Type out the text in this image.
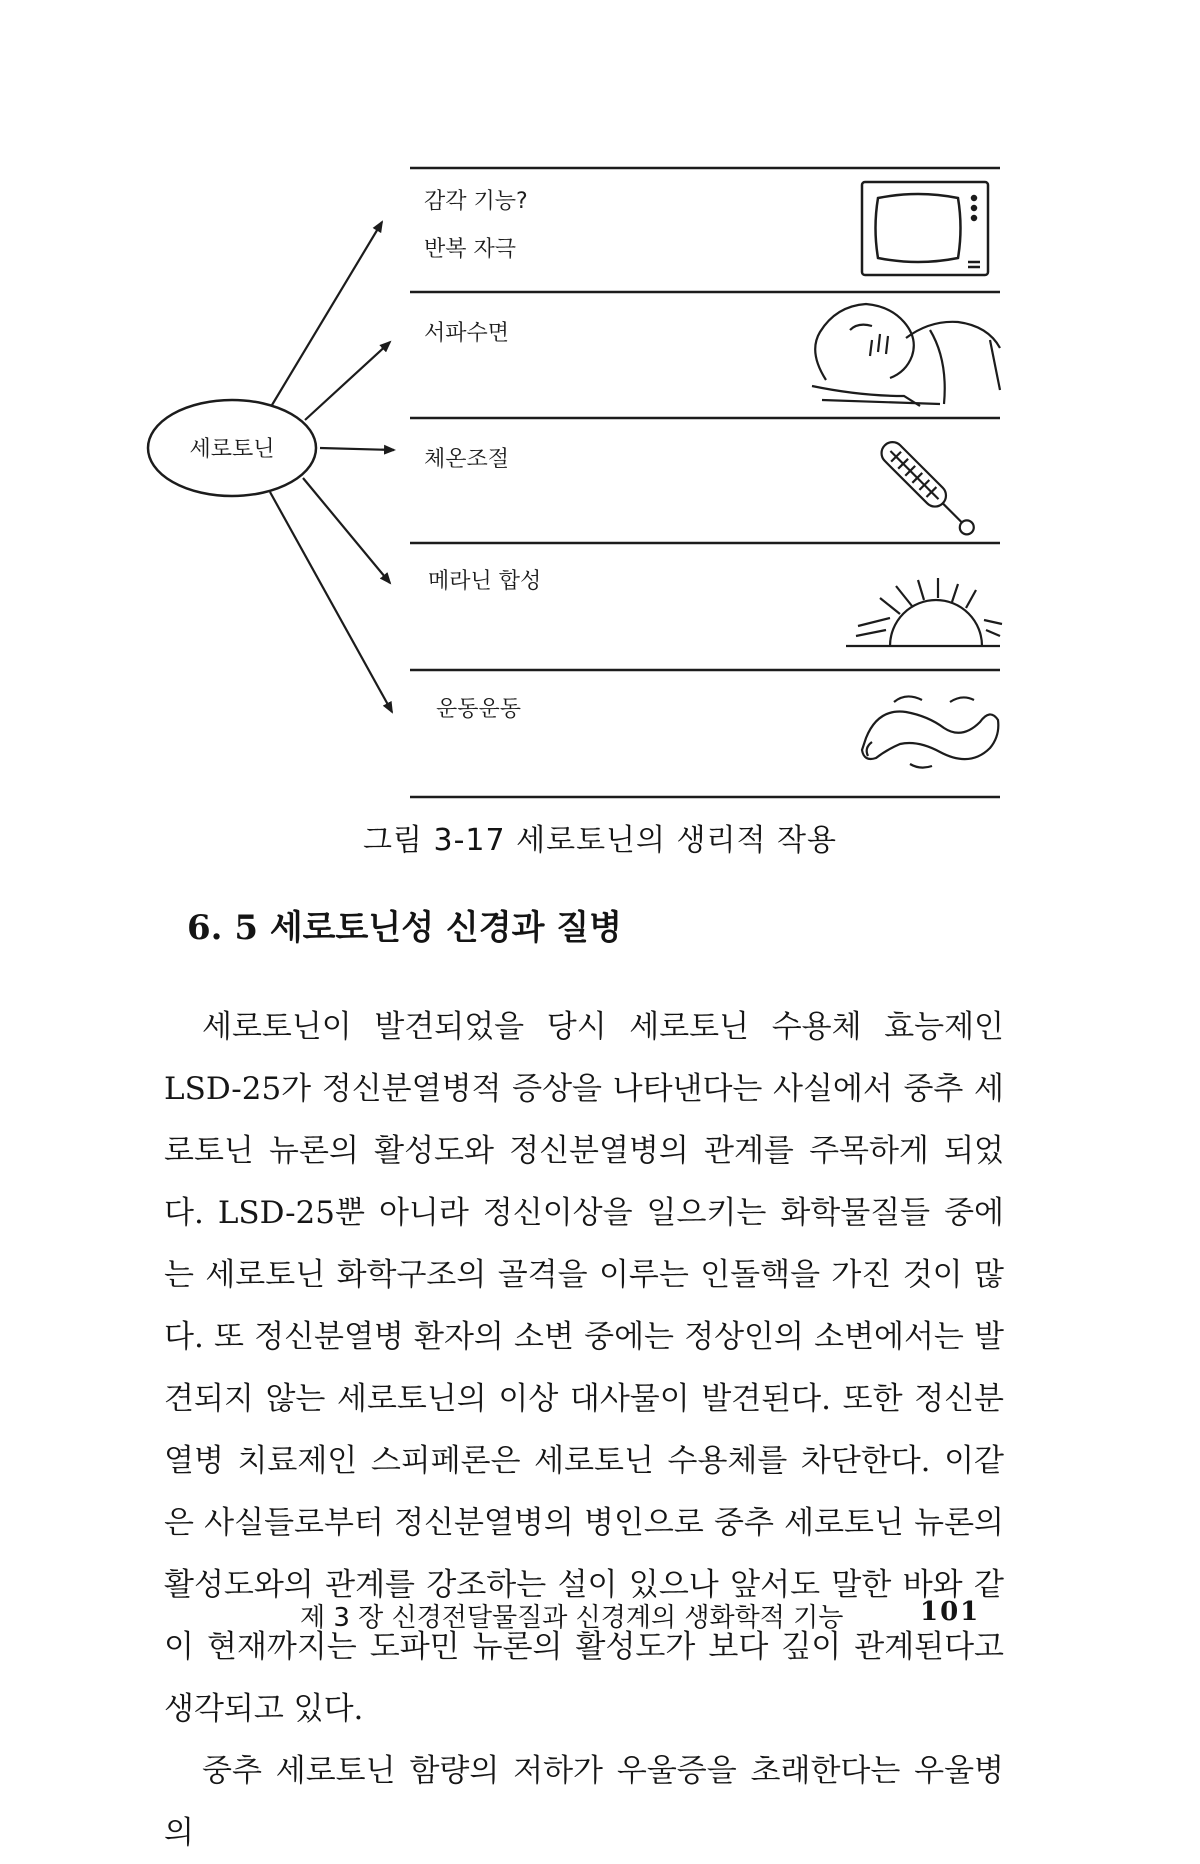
세로토닌
감각 기능?
반복 자극
서파수면
체온조절
메라닌 합성
운동운동
그림 3-17 세로토닌의 생리적 작용
6. 5 세로토닌성 신경과 질병

세로토닌이 발견되었을 당시 세로토닌 수용체 효능제인 LSD-25가 정신분열병적 증상을 나타낸다는 사실에서 중추 세로토닌 뉴론의 활성도와 정신분열병의 관계를 주목하게 되었다. LSD-25뿐 아니라 정신이상을 일으키는 화학물질들 중에는 세로토닌 화학구조의 골격을 이루는 인돌핵을 가진 것이 많다. 또 정신분열병 환자의 소변 중에는 정상인의 소변에서는 발견되지 않는 세로토닌의 이상 대사물이 발견된다. 또한 정신분열병 치료제인 스피페론은 세로토닌 수용체를 차단한다. 이같은 사실들로부터 정신분열병의 병인으로 중추 세로토닌 뉴론의 활성도와의 관계를 강조하는 설이 있으나 앞서도 말한 바와 같이 현재까지는 도파민 뉴론의 활성도가 보다 깊이 관계된다고 생각되고 있다.

중추 세로토닌 함량의 저하가 우울증을 초래한다는 우울병의

제 3 장 신경전달물질과 신경계의 생화학적 기능	101
